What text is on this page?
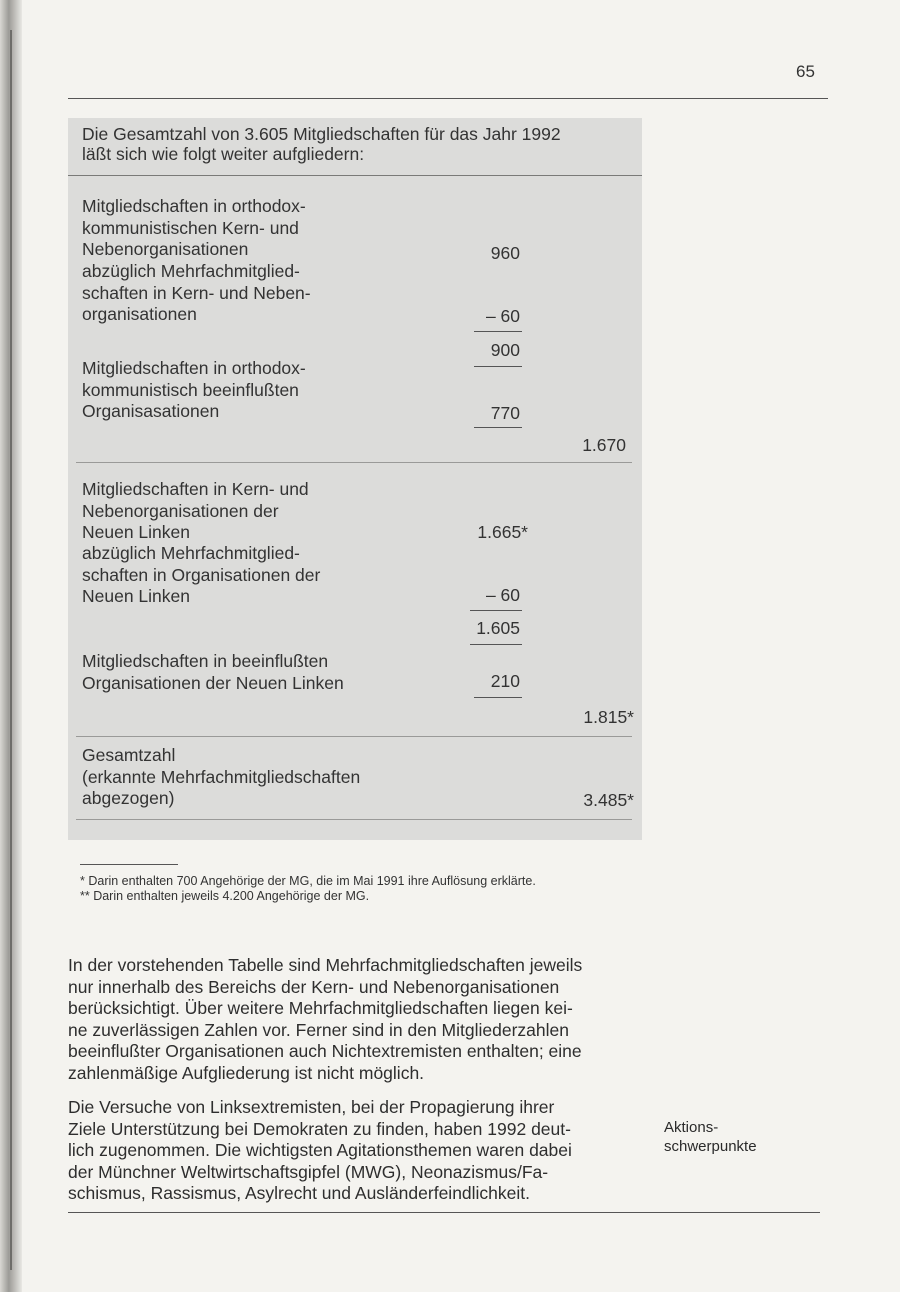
65
Die Gesamtzahl von 3.605 Mitgliedschaften für das Jahr 1992
läßt sich wie folgt weiter aufgliedern:
Mitgliedschaften in orthodox-
kommunistischen Kern- und
Nebenorganisationen	960
abzüglich Mehrfachmitglied-
schaften in Kern- und Neben-
organisationen	– 60
900
Mitgliedschaften in orthodox-
kommunistisch beeinflußten
Organisasationen	770
1.670
Mitgliedschaften in Kern- und
Nebenorganisationen der
Neuen Linken	1.665*
abzüglich Mehrfachmitglied-
schaften in Organisationen der
Neuen Linken	– 60
1.605
Mitgliedschaften in beeinflußten
Organisationen der Neuen Linken	210
1.815*
Gesamtzahl
(erkannte Mehrfachmitgliedschaften
abgezogen)	3.485*
* Darin enthalten 700 Angehörige der MG, die im Mai 1991 ihre Auflösung erklärte.
** Darin enthalten jeweils 4.200 Angehörige der MG.
In der vorstehenden Tabelle sind Mehrfachmitgliedschaften jeweils
nur innerhalb des Bereichs der Kern- und Nebenorganisationen
berücksichtigt. Über weitere Mehrfachmitgliedschaften liegen kei-
ne zuverlässigen Zahlen vor. Ferner sind in den Mitgliederzahlen
beeinflußter Organisationen auch Nichtextremisten enthalten; eine
zahlenmäßige Aufgliederung ist nicht möglich.
Die Versuche von Linksextremisten, bei der Propagierung ihrer
Ziele Unterstützung bei Demokraten zu finden, haben 1992 deut-
lich zugenommen. Die wichtigsten Agitationsthemen waren dabei
der Münchner Weltwirtschaftsgipfel (MWG), Neonazismus/Fa-
schismus, Rassismus, Asylrecht und Ausländerfeindlichkeit.
Aktions-
schwerpunkte
